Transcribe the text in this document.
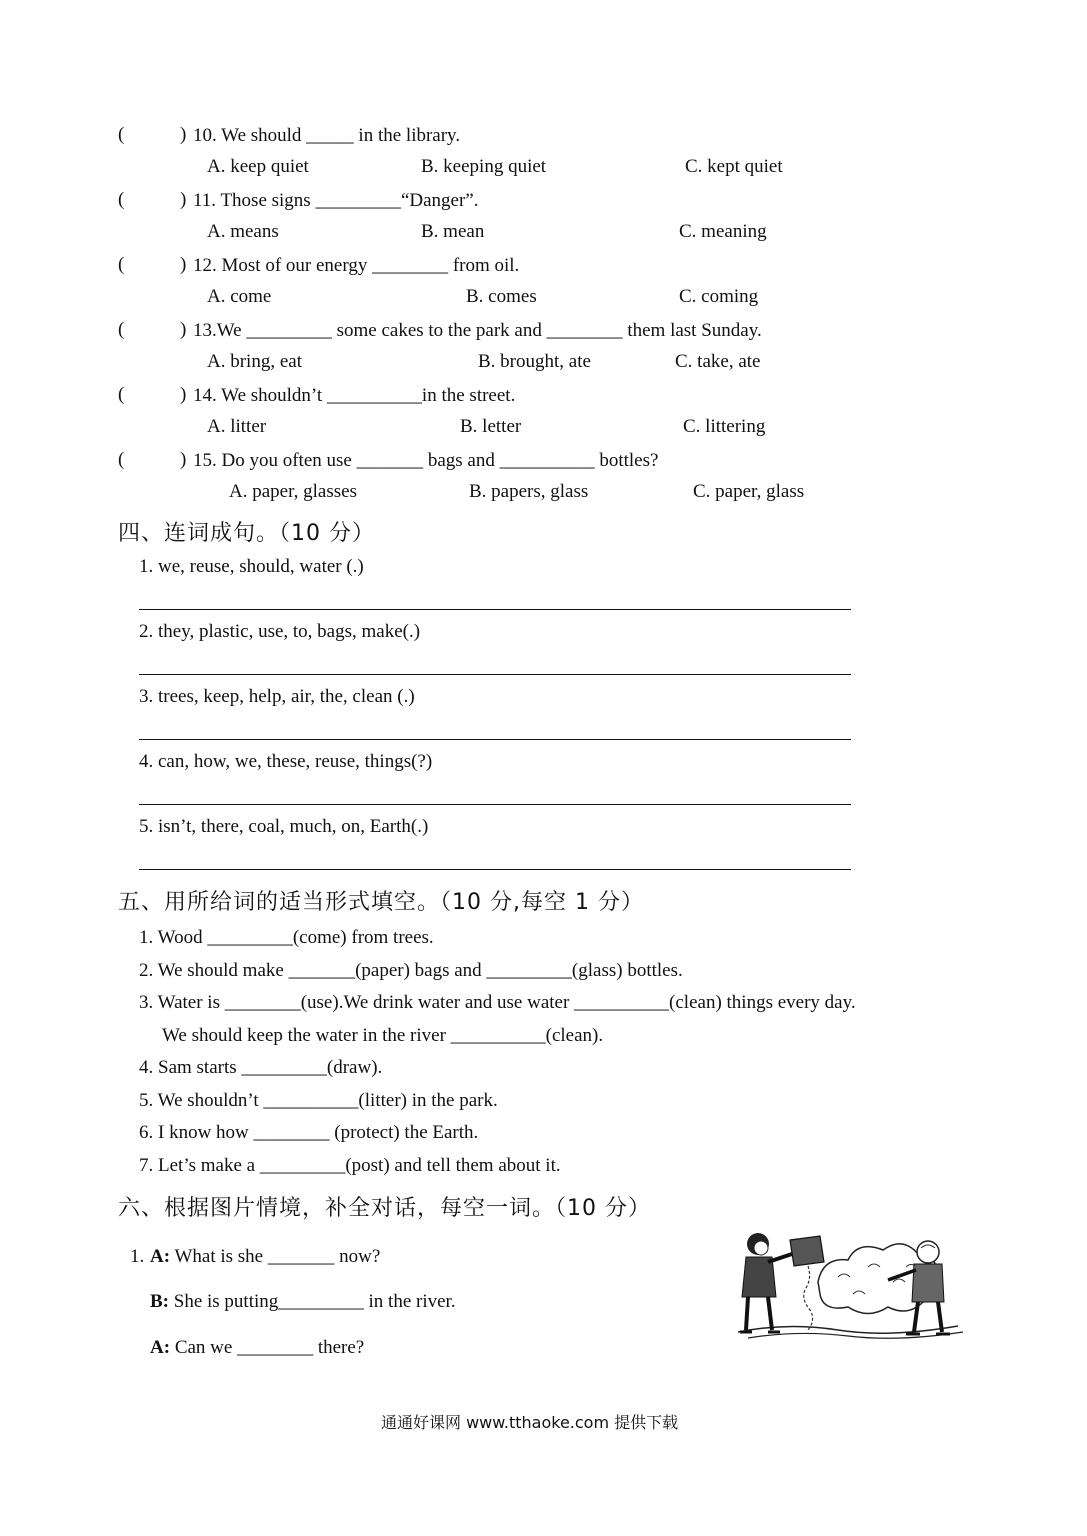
(	) 10. We should _____ in the library.
A. keep quiet	B. keeping quiet	C. kept quiet
(	) 11. Those signs _________“Danger”.
A. means	B. mean	C. meaning
(	) 12. Most of our energy ________ from oil.
A. come	B. comes	C. coming
(	) 13.We _________ some cakes to the park and ________ them last Sunday.
A. bring, eat	B. brought, ate	C. take, ate
(	) 14. We shouldn’t __________in the street.
A. litter	B. letter	C. littering
(	) 15. Do you often use _______ bags and __________ bottles?
A. paper, glasses	B. papers, glass	C. paper, glass
四、连词成句。（10 分）
1. we, reuse, should, water (.)
2. they, plastic, use, to, bags, make(.)
3. trees, keep, help, air, the, clean (.)
4. can, how, we, these, reuse, things(?)
5. isn’t, there, coal, much, on, Earth(.)
五、用所给词的适当形式填空。（10 分,每空 1 分）
1. Wood _________(come) from trees.
2. We should make _______(paper) bags and _________(glass) bottles.
3. Water is ________(use).We drink water and use water __________(clean) things every day.
We should keep the water in the river __________(clean).
4. Sam starts _________(draw).
5. We shouldn’t __________(litter) in the park.
6. I know how ________ (protect) the Earth.
7. Let’s make a _________(post) and tell them about it.
六、根据图片情境，补全对话，每空一词。（10 分）
1. A: What is she _______ now?
B: She is putting_________ in the river.
A: Can we ________ there?
通通好课网 www.tthaoke.com 提供下载
